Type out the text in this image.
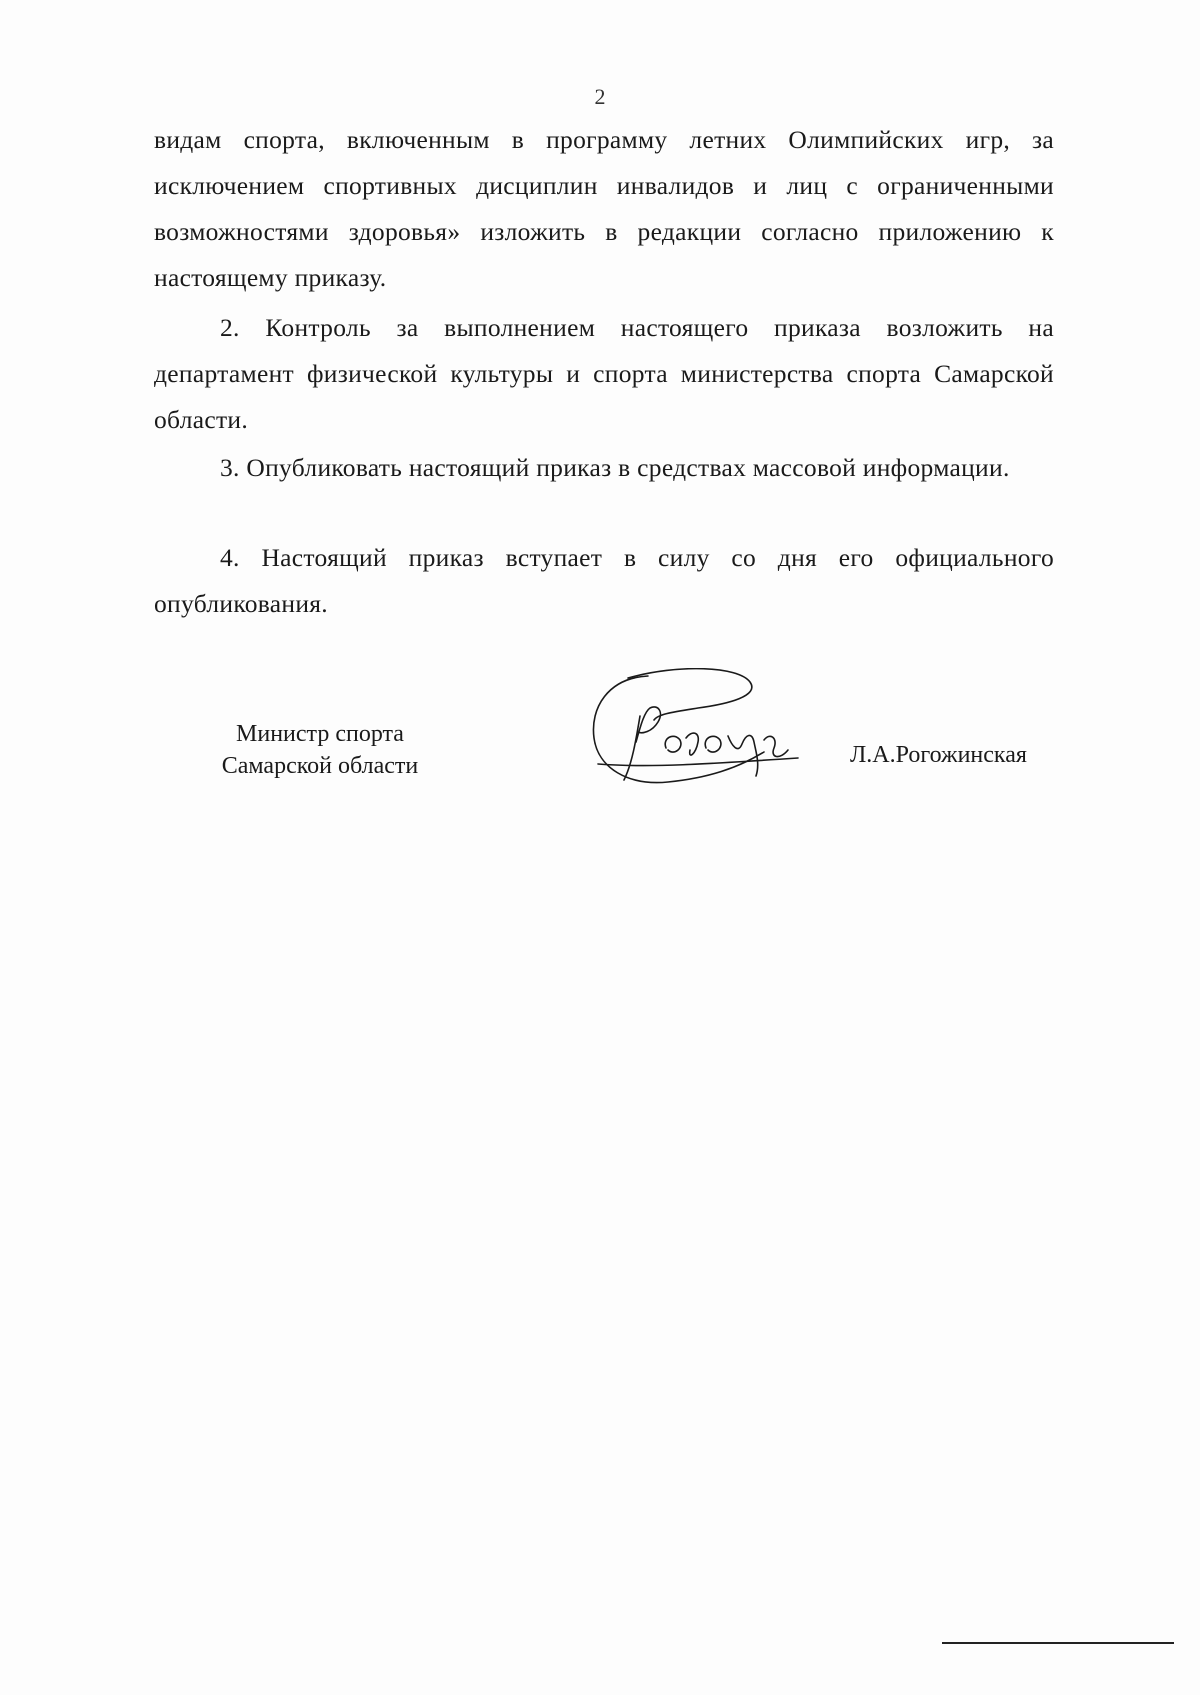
2
видам спорта, включенным в программу летних Олимпийских игр, за исключением спортивных дисциплин инвалидов и лиц с ограниченными возможностями здоровья» изложить в редакции согласно приложению к настоящему приказу.
2. Контроль за выполнением настоящего приказа возложить на департамент физической культуры и спорта министерства спорта Самарской области.
3. Опубликовать настоящий приказ в средствах массовой информации.
4. Настоящий приказ вступает в силу со дня его официального опубликования.
Министр спорта
Самарской области	Л.А.Рогожинская
